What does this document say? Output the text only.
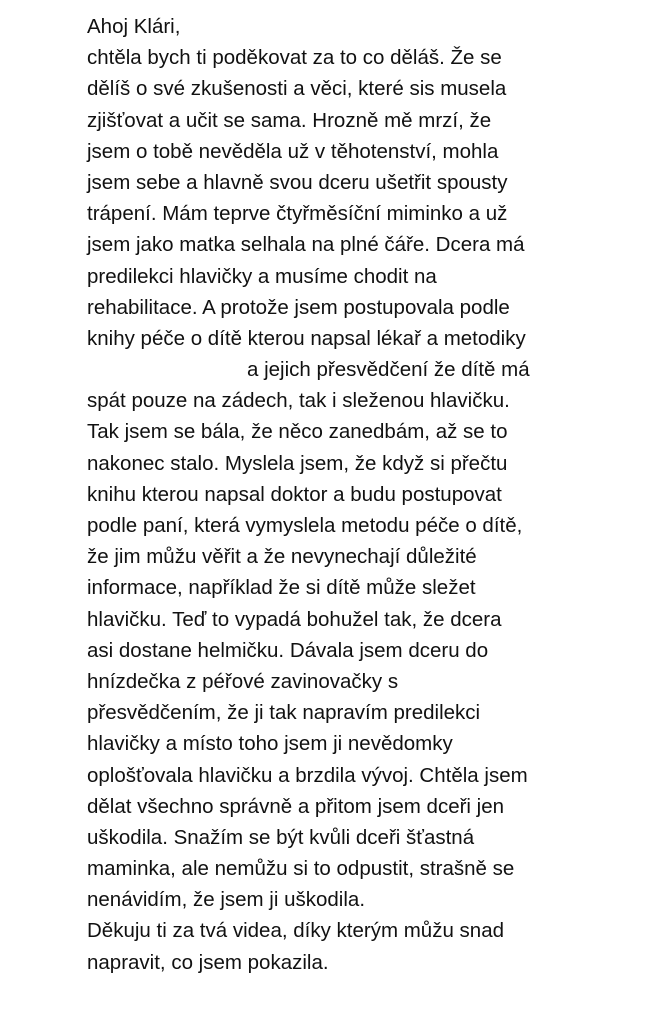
Ahoj Klári,
chtěla bych ti poděkovat za to co děláš. Že se
dělíš o své zkušenosti a věci, které sis musela
zjišťovat a učit se sama. Hrozně mě mrzí, že
jsem o tobě nevěděla už v těhotenství, mohla
jsem sebe a hlavně svou dceru ušetřit spousty
trápení. Mám teprve čtyřměsíční miminko a už
jsem jako matka selhala na plné čáře. Dcera má
predilekci hlavičky a musíme chodit na
rehabilitace. A protože jsem postupovala podle
knihy péče o dítě kterou napsal lékař a metodiky
a jejich přesvědčení že dítě má
spát pouze na zádech, tak i sleženou hlavičku.
Tak jsem se bála, že něco zanedbám, až se to
nakonec stalo. Myslela jsem, že když si přečtu
knihu kterou napsal doktor a budu postupovat
podle paní, která vymyslela metodu péče o dítě,
že jim můžu věřit a že nevynechají důležité
informace, například že si dítě může sležet
hlavičku. Teď to vypadá bohužel tak, že dcera
asi dostane helmičku. Dávala jsem dceru do
hnízdečka z péřové zavinovačky s
přesvědčením, že ji tak napravím predilekci
hlavičky a místo toho jsem ji nevědomky
oplošťovala hlavičku a brzdila vývoj. Chtěla jsem
dělat všechno správně a přitom jsem dceři jen
uškodila. Snažím se být kvůli dceři šťastná
maminka, ale nemůžu si to odpustit, strašně se
nenávidím, že jsem ji uškodila.
Děkuju ti za tvá videa, díky kterým můžu snad
napravit, co jsem pokazila.
